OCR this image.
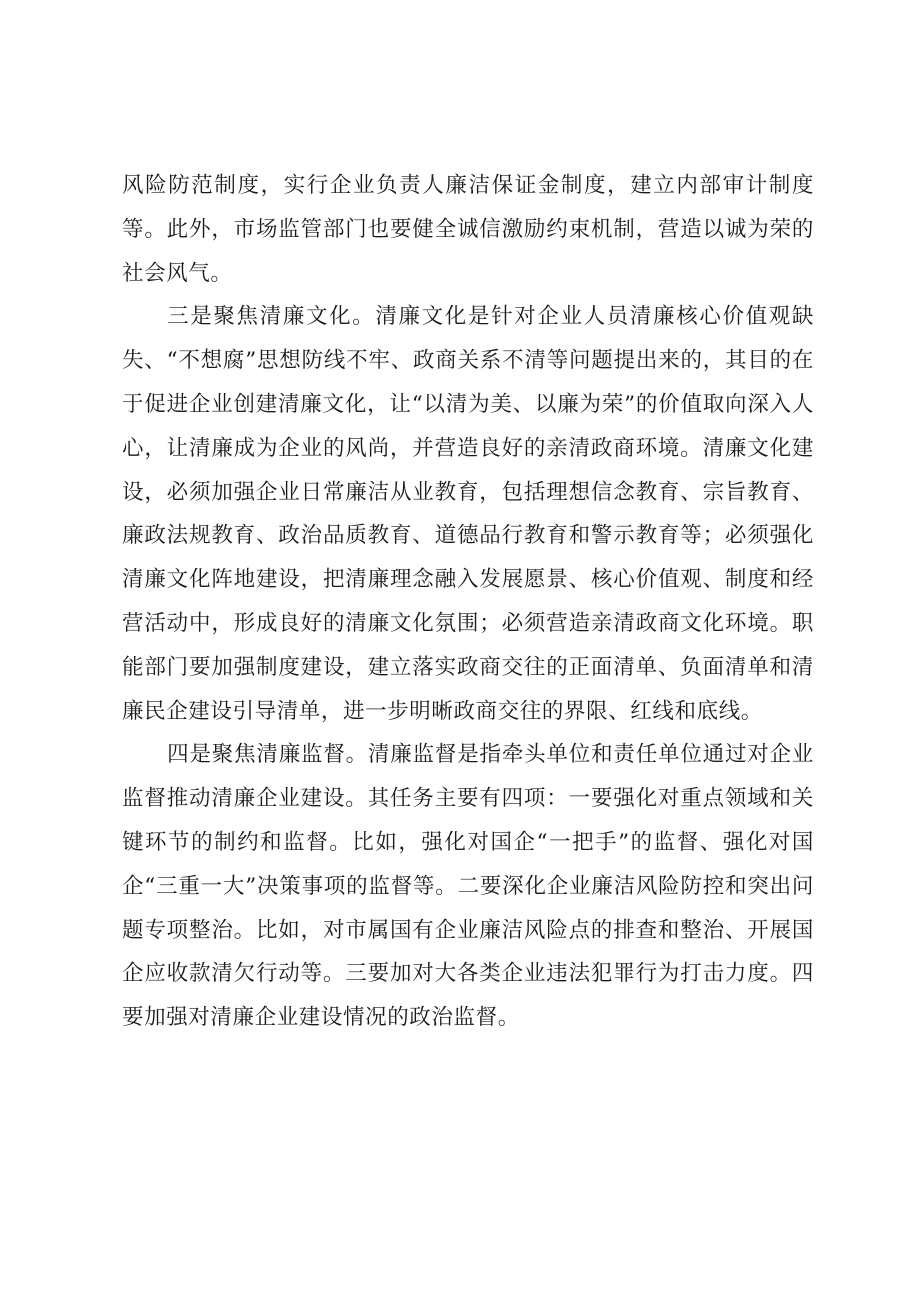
风险防范制度，实行企业负责人廉洁保证金制度，建立内部审计制度等。此外，市场监管部门也要健全诚信激励约束机制，营造以诚为荣的社会风气。

三是聚焦清廉文化。清廉文化是针对企业人员清廉核心价值观缺失、“不想腐”思想防线不牢、政商关系不清等问题提出来的，其目的在于促进企业创建清廉文化，让“以清为美、以廉为荣”的价值取向深入人心，让清廉成为企业的风尚，并营造良好的亲清政商环境。清廉文化建设，必须加强企业日常廉洁从业教育，包括理想信念教育、宗旨教育、廉政法规教育、政治品质教育、道德品行教育和警示教育等；必须强化清廉文化阵地建设，把清廉理念融入发展愿景、核心价值观、制度和经营活动中，形成良好的清廉文化氛围；必须营造亲清政商文化环境。职能部门要加强制度建设，建立落实政商交往的正面清单、负面清单和清廉民企建设引导清单，进一步明晰政商交往的界限、红线和底线。

四是聚焦清廉监督。清廉监督是指牵头单位和责任单位通过对企业监督推动清廉企业建设。其任务主要有四项：一要强化对重点领域和关键环节的制约和监督。比如，强化对国企“一把手”的监督、强化对国企“三重一大”决策事项的监督等。二要深化企业廉洁风险防控和突出问题专项整治。比如，对市属国有企业廉洁风险点的排查和整治、开展国企应收款清欠行动等。三要加对大各类企业违法犯罪行为打击力度。四要加强对清廉企业建设情况的政治监督。
